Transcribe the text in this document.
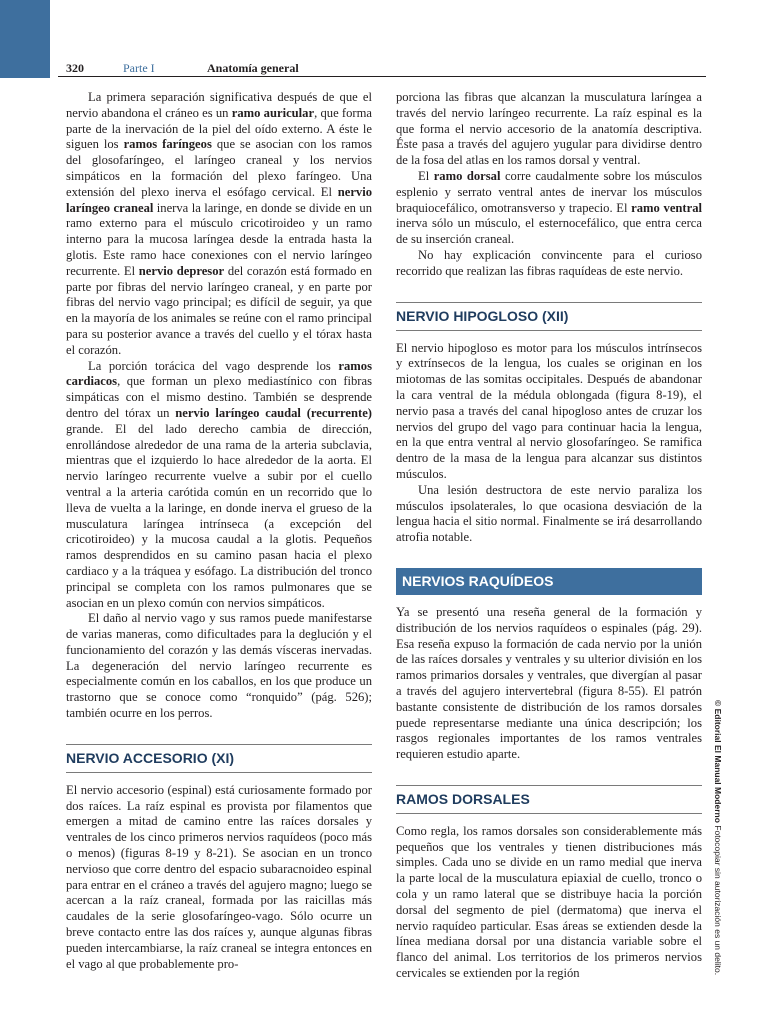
320	Parte I	Anatomía general

La primera separación significativa después de que el nervio abandona el cráneo es un ramo auricular, que forma parte de la inervación de la piel del oído externo. A éste le siguen los ramos faríngeos que se asocian con los ramos del glosofaríngeo, el laríngeo craneal y los nervios simpáticos en la formación del plexo faríngeo. Una extensión del plexo inerva el esófago cervical. El nervio laríngeo craneal inerva la laringe, en donde se divide en un ramo externo para el músculo cricotiroideo y un ramo interno para la mucosa laríngea desde la entrada hasta la glotis. Este ramo hace conexiones con el nervio laríngeo recurrente. El nervio depresor del corazón está formado en parte por fibras del nervio laríngeo craneal, y en parte por fibras del nervio vago principal; es difícil de seguir, ya que en la mayoría de los animales se reúne con el ramo principal para su posterior avance a través del cuello y el tórax hasta el corazón.

La porción torácica del vago desprende los ramos cardiacos, que forman un plexo mediastínico con fibras simpáticas con el mismo destino. También se desprende dentro del tórax un nervio laríngeo caudal (recurrente) grande. El del lado derecho cambia de dirección, enrollándose alrededor de una rama de la arteria subclavia, mientras que el izquierdo lo hace alrededor de la aorta. El nervio laríngeo recurrente vuelve a subir por el cuello ventral a la arteria carótida común en un recorrido que lo lleva de vuelta a la laringe, en donde inerva el grueso de la musculatura laríngea intrínseca (a excepción del cricotiroideo) y la mucosa caudal a la glotis. Pequeños ramos desprendidos en su camino pasan hacia el plexo cardiaco y a la tráquea y esófago. La distribución del tronco principal se completa con los ramos pulmonares que se asocian en un plexo común con nervios simpáticos.

El daño al nervio vago y sus ramos puede manifestarse de varias maneras, como dificultades para la deglución y el funcionamiento del corazón y las demás vísceras inervadas. La degeneración del nervio laríngeo recurrente es especialmente común en los caballos, en los que produce un trastorno que se conoce como “ronquido” (pág. 526); también ocurre en los perros.

NERVIO ACCESORIO (XI)

El nervio accesorio (espinal) está curiosamente formado por dos raíces. La raíz espinal es provista por filamentos que emergen a mitad de camino entre las raíces dorsales y ventrales de los cinco primeros nervios raquídeos (poco más o menos) (figuras 8-19 y 8-21). Se asocian en un tronco nervioso que corre dentro del espacio subaracnoideo espinal para entrar en el cráneo a través del agujero magno; luego se acercan a la raíz craneal, formada por las raicillas más caudales de la serie glosofaríngeo-vago. Sólo ocurre un breve contacto entre las dos raíces y, aunque algunas fibras pueden intercambiarse, la raíz craneal se integra entonces en el vago al que probablemente pro-

porciona las fibras que alcanzan la musculatura laríngea a través del nervio laríngeo recurrente. La raíz espinal es la que forma el nervio accesorio de la anatomía descriptiva. Éste pasa a través del agujero yugular para dividirse dentro de la fosa del atlas en los ramos dorsal y ventral.

El ramo dorsal corre caudalmente sobre los músculos esplenio y serrato ventral antes de inervar los músculos braquiocefálico, omotransverso y trapecio. El ramo ventral inerva sólo un músculo, el esternocefálico, que entra cerca de su inserción craneal.

No hay explicación convincente para el curioso recorrido que realizan las fibras raquídeas de este nervio.

NERVIO HIPOGLOSO (XII)

El nervio hipogloso es motor para los músculos intrínsecos y extrínsecos de la lengua, los cuales se originan en los miotomas de las somitas occipitales. Después de abandonar la cara ventral de la médula oblongada (figura 8-19), el nervio pasa a través del canal hipogloso antes de cruzar los nervios del grupo del vago para continuar hacia la lengua, en la que entra ventral al nervio glosofaríngeo. Se ramifica dentro de la masa de la lengua para alcanzar sus distintos músculos.

Una lesión destructora de este nervio paraliza los músculos ipsolaterales, lo que ocasiona desviación de la lengua hacia el sitio normal. Finalmente se irá desarrollando atrofia notable.

NERVIOS RAQUÍDEOS

Ya se presentó una reseña general de la formación y distribución de los nervios raquídeos o espinales (pág. 29). Esa reseña expuso la formación de cada nervio por la unión de las raíces dorsales y ventrales y su ulterior división en los ramos primarios dorsales y ventrales, que divergían al pasar a través del agujero intervertebral (figura 8-55). El patrón bastante consistente de distribución de los ramos dorsales puede representarse mediante una única descripción; los rasgos regionales importantes de los ramos ventrales requieren estudio aparte.

RAMOS DORSALES

Como regla, los ramos dorsales son considerablemente más pequeños que los ventrales y tienen distribuciones más simples. Cada uno se divide en un ramo medial que inerva la parte local de la musculatura epiaxial de cuello, tronco o cola y un ramo lateral que se distribuye hacia la porción dorsal del segmento de piel (dermatoma) que inerva el nervio raquídeo particular. Esas áreas se extienden desde la línea mediana dorsal por una distancia variable sobre el flanco del animal. Los territorios de los primeros nervios cervicales se extienden por la región

© Editorial El Manual Moderno Fotocopiar sin autorización es un delito.
